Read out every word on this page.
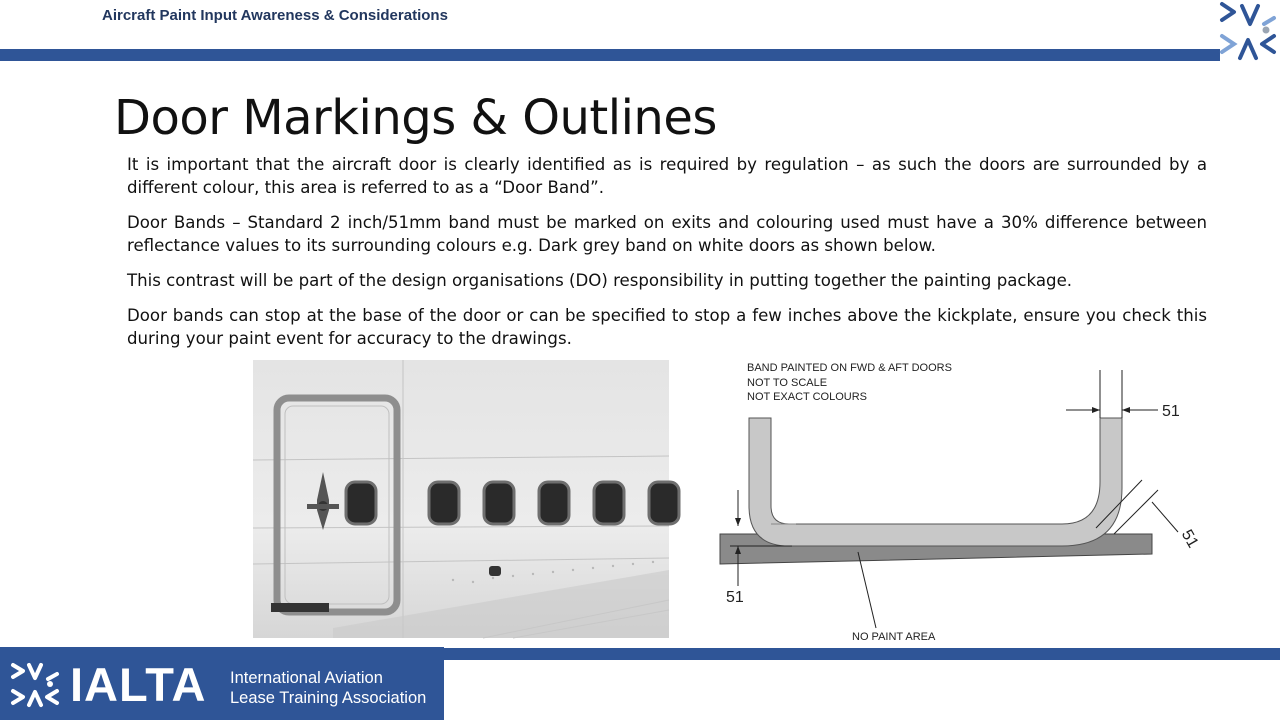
Aircraft Paint Input Awareness & Considerations
Door Markings & Outlines

It is important that the aircraft door is clearly identified as is required by regulation – as such the doors are surrounded by a different colour, this area is referred to as a “Door Band”.

Door Bands – Standard 2 inch/51mm band must be marked on exits and colouring used must have a 30% difference between reflectance values to its surrounding colours e.g. Dark grey band on white doors as shown below.

This contrast will be part of the design organisations (DO) responsibility in putting together the painting package.

Door bands can stop at the base of the door or can be specified to stop a few inches above the kickplate, ensure you check this during your paint event for accuracy to the drawings.

BAND PAINTED ON FWD & AFT DOORS
NOT TO SCALE
NOT EXACT COLOURS
51
51
51
NO PAINT AREA
IALTA International Aviation
Lease Training Association
